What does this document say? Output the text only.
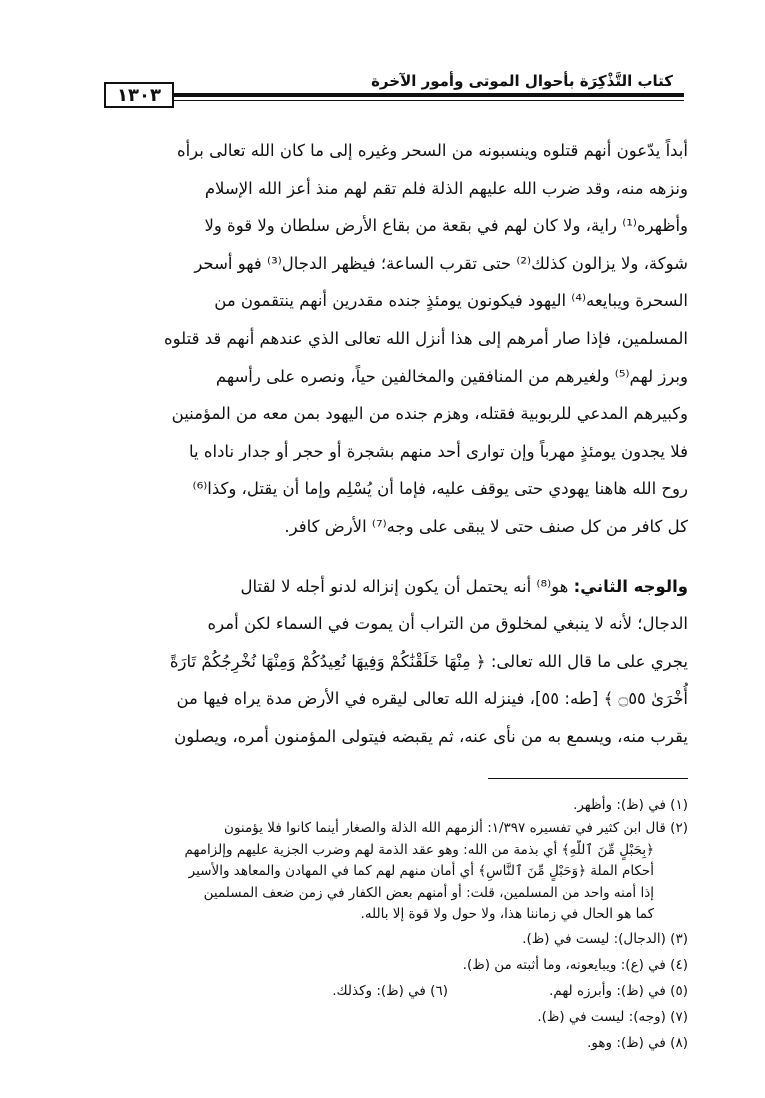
كتاب التَّذْكِرَة بأحوال الموتى وأمور الآخرة
١٣٠٣
أبداً يدّعون أنهم قتلوه وينسبونه من السحر وغيره إلى ما كان الله تعالى برأه
ونزهه منه، وقد ضرب الله عليهم الذلة فلم تقم لهم منذ أعز الله الإسلام
وأظهره⁽¹⁾ راية، ولا كان لهم في بقعة من بقاع الأرض سلطان ولا قوة ولا
شوكة، ولا يزالون كذلك⁽²⁾ حتى تقرب الساعة؛ فيظهر الدجال⁽³⁾ فهو أسحر
السحرة ويبايعه⁽⁴⁾ اليهود فيكونون يومئذٍ جنده مقدرين أنهم ينتقمون من
المسلمين، فإذا صار أمرهم إلى هذا أنزل الله تعالى الذي عندهم أنهم قد قتلوه
وبرز لهم⁽⁵⁾ ولغيرهم من المنافقين والمخالفين حياً، ونصره على رأسهم
وكبيرهم المدعي للربوبية فقتله، وهزم جنده من اليهود بمن معه من المؤمنين
فلا يجدون يومئذٍ مهرباً وإن توارى أحد منهم بشجرة أو حجر أو جدار ناداه يا
روح الله هاهنا يهودي حتى يوقف عليه، فإما أن يُسْلِم وإما أن يقتل، وكذا⁽⁶⁾
كل كافر من كل صنف حتى لا يبقى على وجه⁽⁷⁾ الأرض كافر.
والوجه الثاني: هو⁽⁸⁾ أنه يحتمل أن يكون إنزاله لدنو أجله لا لقتال
الدجال؛ لأنه لا ينبغي لمخلوق من التراب أن يموت في السماء لكن أمره
يجري على ما قال الله تعالى: ﴿ مِنْهَا خَلَقْنَٰكُمْ وَفِيهَا نُعِيدُكُمْ وَمِنْهَا نُخْرِجُكُمْ تَارَةً
أُخْرَىٰ ۝٥٥ ﴾ [طه: ٥٥]، فينزله الله تعالى ليقره في الأرض مدة يراه فيها من
يقرب منه، ويسمع به من نأى عنه، ثم يقبضه فيتولى المؤمنون أمره، ويصلون
(١) في (ظ): وأظهر.
(٢) قال ابن كثير في تفسيره ١/٣٩٧: ألزمهم الله الذلة والصغار أينما كانوا فلا يؤمنون
﴿بِحَبْلٍ مِّنَ ٱللَّهِ﴾ أي بذمة من الله: وهو عقد الذمة لهم وضرب الجزية عليهم وإلزامهم
أحكام الملة ﴿وَحَبْلٍ مِّنَ ٱلنَّاسِ﴾ أي أمان منهم لهم كما في المهادن والمعاهد والأسير
إذا أمنه واحد من المسلمين، قلت: أو أمنهم بعض الكفار في زمن ضعف المسلمين
كما هو الحال في زماننا هذا، ولا حول ولا قوة إلا بالله.
(٣) (الدجال): ليست في (ظ).
(٤) في (ع): ويبايعونه، وما أثبته من (ظ).
(٥) في (ظ): وأبرزه لهم.
(٦) في (ظ): وكذلك.
(٧) (وجه): ليست في (ظ).
(٨) في (ظ): وهو.
